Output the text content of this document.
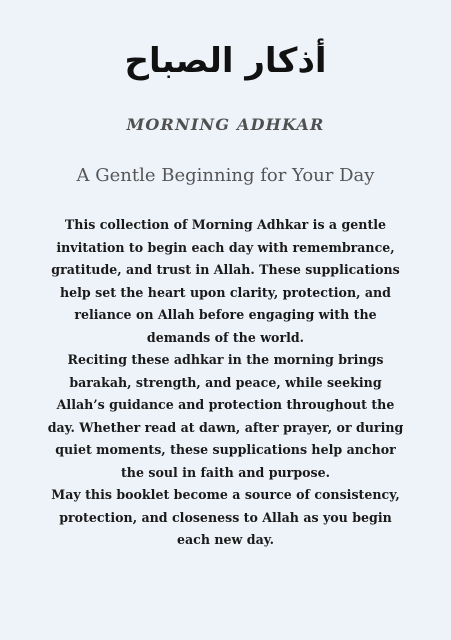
أذكار الصباح
MORNING ADHKAR
A Gentle Beginning for Your Day

This collection of Morning Adhkar is a gentle invitation to begin each day with remembrance, gratitude, and trust in Allah. These supplications help set the heart upon clarity, protection, and reliance on Allah before engaging with the demands of the world.

Reciting these adhkar in the morning brings barakah, strength, and peace, while seeking Allah’s guidance and protection throughout the day. Whether read at dawn, after prayer, or during quiet moments, these supplications help anchor the soul in faith and purpose.

May this booklet become a source of consistency, protection, and closeness to Allah as you begin each new day.
